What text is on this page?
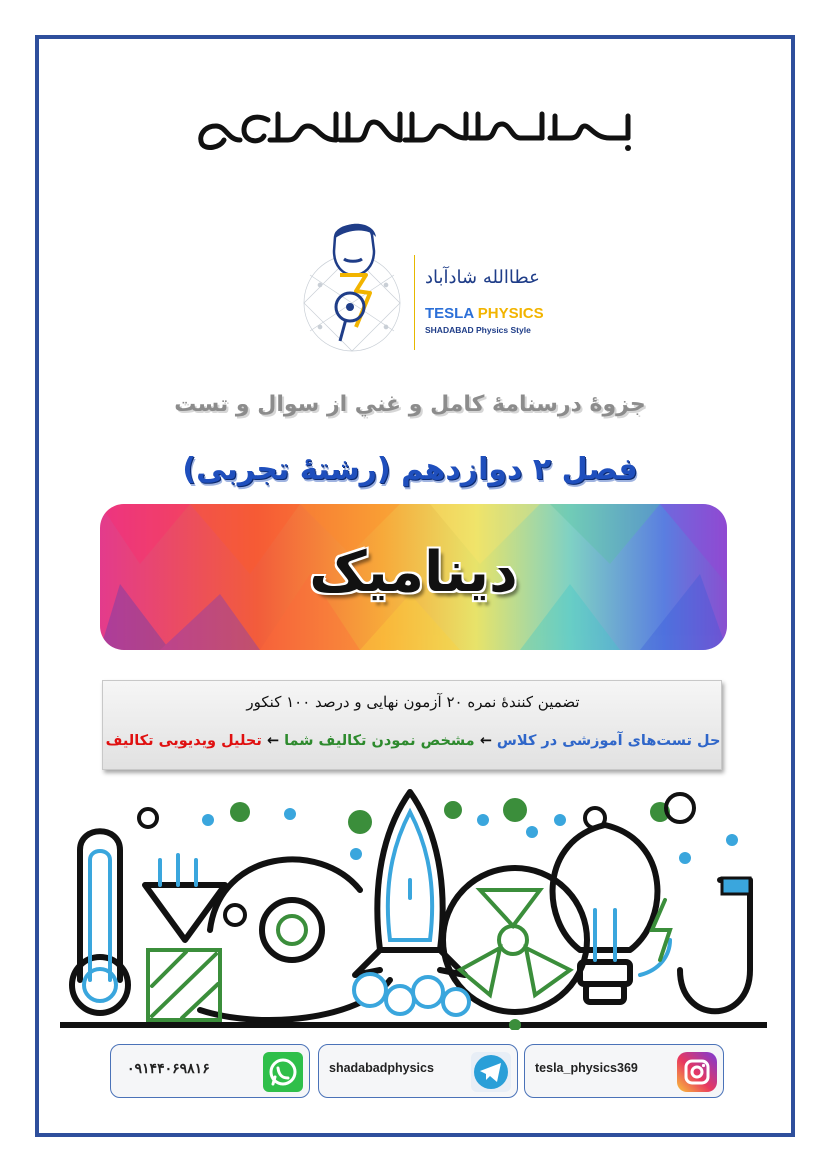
عطاالله شادآباد
TESLA PHYSICS
SHADABAD Physics Style
جزوۀ درسنامۀ کامل و غني از سوال و تست
فصل ۲ دوازدهم (رشتۀ تجربی)
دینامیک
تضمین کنندۀ نمره ۲۰ آزمون نهایی و درصد ۱۰۰ کنکور
حل تست‌های آموزشی در کلاس ← مشخص نمودن تکالیف شما ← تحلیل ویدیویی تکالیف
۰۹۱۴۴۰۶۹۸۱۶	shadabadphysics	tesla_physics369
